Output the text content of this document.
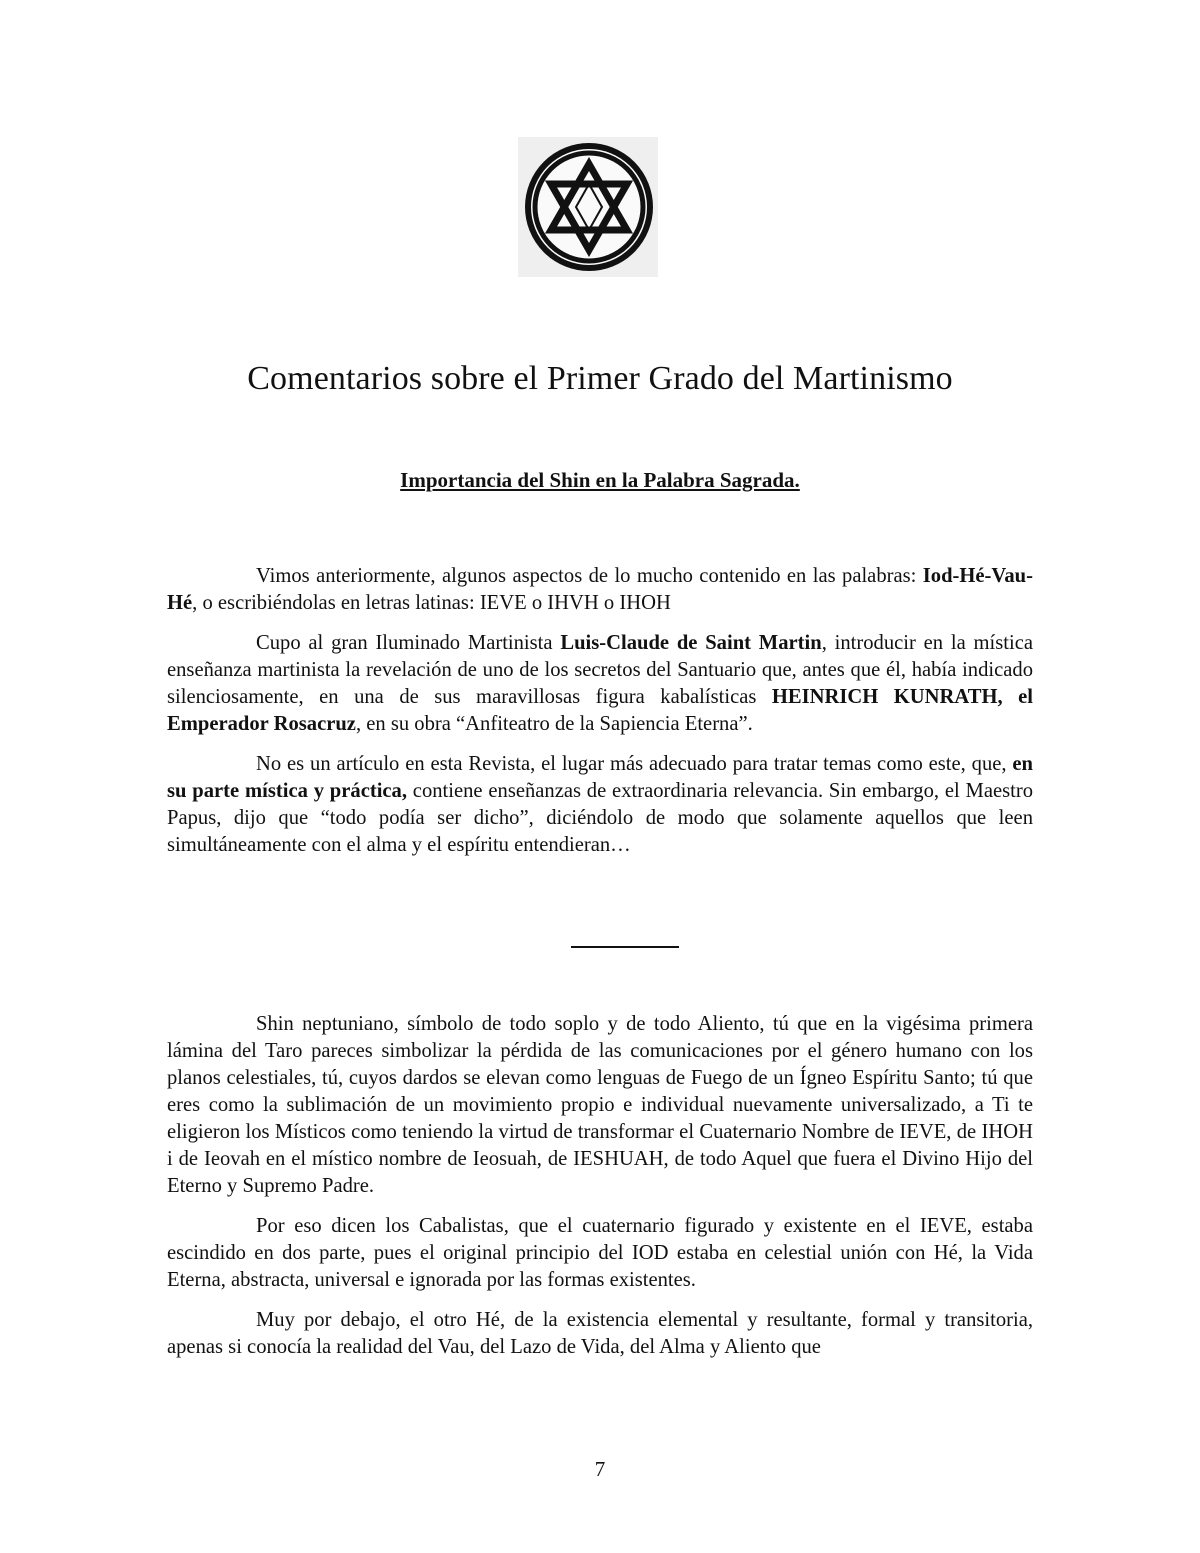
Comentarios sobre el Primer Grado del Martinismo
Importancia del Shin en la Palabra Sagrada.

Vimos anteriormente, algunos aspectos de lo mucho contenido en las palabras: Iod-Hé-Vau-Hé, o escribiéndolas en letras latinas: IEVE o IHVH o IHOH

Cupo al gran Iluminado Martinista Luis-Claude de Saint Martin, introducir en la mística enseñanza martinista la revelación de uno de los secretos del Santuario que, antes que él, había indicado silenciosamente, en una de sus maravillosas figura kabalísticas HEINRICH KUNRATH, el Emperador Rosacruz, en su obra “Anfiteatro de la Sapiencia Eterna”.

No es un artículo en esta Revista, el lugar más adecuado para tratar temas como este, que, en su parte mística y práctica, contiene enseñanzas de extraordinaria relevancia. Sin embargo, el Maestro Papus, dijo que “todo podía ser dicho”, diciéndolo de modo que solamente aquellos que leen simultáneamente con el alma y el espíritu entendieran…

Shin neptuniano, símbolo de todo soplo y de todo Aliento, tú que en la vigésima primera lámina del Taro pareces simbolizar la pérdida de las comunicaciones por el género humano con los planos celestiales, tú, cuyos dardos se elevan como lenguas de Fuego de un Ígneo Espíritu Santo; tú que eres como la sublimación de un movimiento propio e individual nuevamente universalizado, a Ti te eligieron los Místicos como teniendo la virtud de transformar el Cuaternario Nombre de IEVE, de IHOH i de Ieovah en el místico nombre de Ieosuah, de IESHUAH, de todo Aquel que fuera el Divino Hijo del Eterno y Supremo Padre.

Por eso dicen los Cabalistas, que el cuaternario figurado y existente en el IEVE, estaba escindido en dos parte, pues el original principio del IOD estaba en celestial unión con Hé, la Vida Eterna, abstracta, universal e ignorada por las formas existentes.

Muy por debajo, el otro Hé, de la existencia elemental y resultante, formal y transitoria, apenas si conocía la realidad del Vau, del Lazo de Vida, del Alma y Aliento que

7
